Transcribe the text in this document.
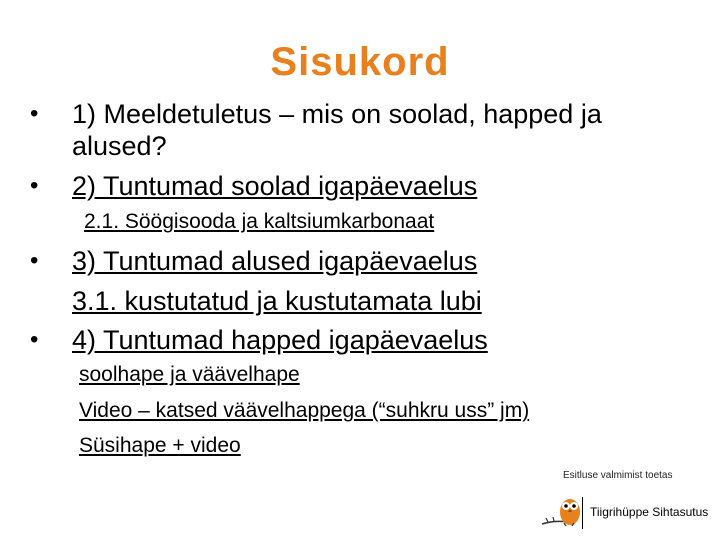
Sisukord
• 1) Meeldetuletus – mis on soolad, happed ja
alused?
• 2) Tuntumad soolad igapäevaelus
2.1. Söögisooda ja kaltsiumkarbonaat
• 3) Tuntumad alused igapäevaelus
3.1. kustutatud ja kustutamata lubi
• 4) Tuntumad happed igapäevaelus
soolhape ja väävelhape
Video – katsed väävelhappega (“suhkru uss” jm)
Süsihape + video
Esitluse valmimist toetas
Tiigrihüppe Sihtasutus
